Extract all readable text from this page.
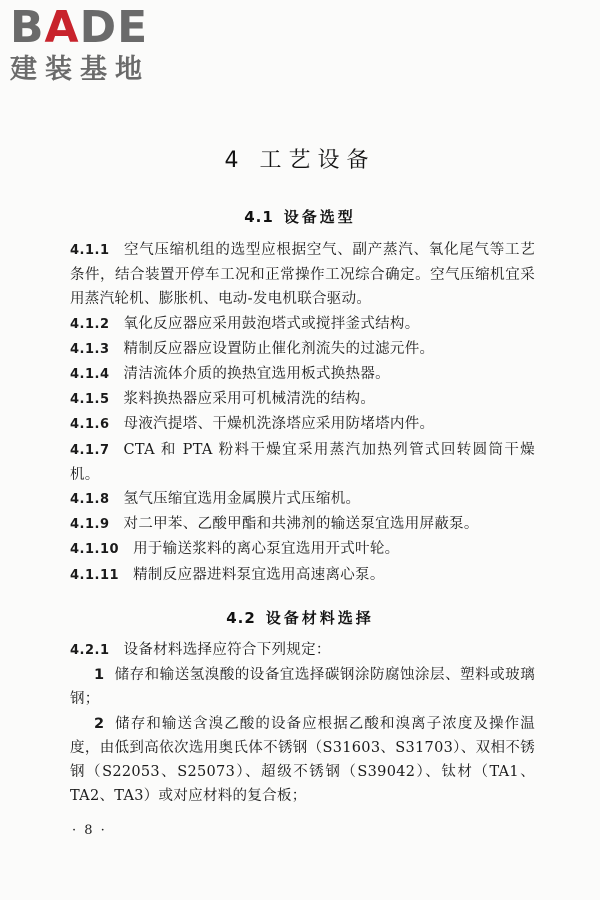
BADE
建装基地
4 工艺设备
4.1 设备选型

4.1.1 空气压缩机组的选型应根据空气、副产蒸汽、氧化尾气等工艺条件，结合装置开停车工况和正常操作工况综合确定。空气压缩机宜采用蒸汽轮机、膨胀机、电动-发电机联合驱动。

4.1.2 氧化反应器应采用鼓泡塔式或搅拌釜式结构。

4.1.3 精制反应器应设置防止催化剂流失的过滤元件。

4.1.4 清洁流体介质的换热宜选用板式换热器。

4.1.5 浆料换热器应采用可机械清洗的结构。

4.1.6 母液汽提塔、干燥机洗涤塔应采用防堵塔内件。

4.1.7 CTA 和 PTA 粉料干燥宜采用蒸汽加热列管式回转圆筒干燥机。

4.1.8 氢气压缩宜选用金属膜片式压缩机。

4.1.9 对二甲苯、乙酸甲酯和共沸剂的输送泵宜选用屏蔽泵。

4.1.10 用于输送浆料的离心泵宜选用开式叶轮。

4.1.11 精制反应器进料泵宜选用高速离心泵。

4.2 设备材料选择

4.2.1 设备材料选择应符合下列规定：

1 储存和输送氢溴酸的设备宜选择碳钢涂防腐蚀涂层、塑料或玻璃钢；

2 储存和输送含溴乙酸的设备应根据乙酸和溴离子浓度及操作温度，由低到高依次选用奥氏体不锈钢（S31603、S31703）、双相不锈钢（S22053、S25073）、超级不锈钢（S39042）、钛材（TA1、TA2、TA3）或对应材料的复合板；

· 8 ·
